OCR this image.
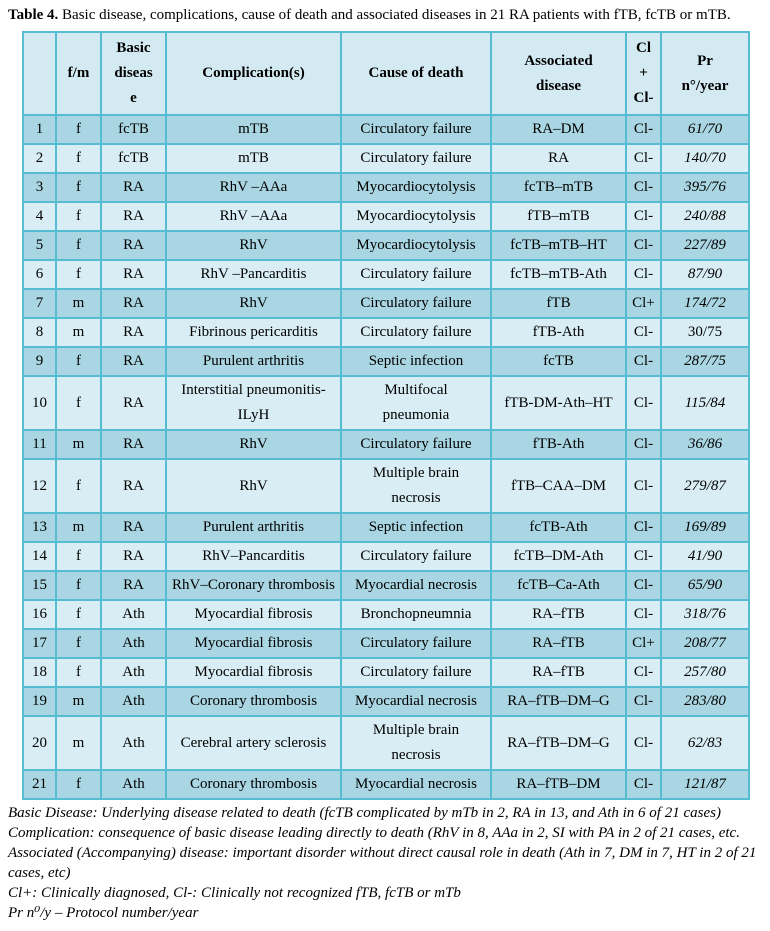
Table 4. Basic disease, complications, cause of death and associated diseases in 21 RA patients with fTB, fcTB or mTB.

	f/m	Basic
diseas
e	Complication(s)	Cause of death	Associated
disease	Cl
+
Cl-	Pr
n°/year
1	f	fcTB	mTB	Circulatory failure	RA–DM	Cl-	61/70
2	f	fcTB	mTB	Circulatory failure	RA	Cl-	140/70
3	f	RA	RhV –AAa	Myocardiocytolysis	fcTB–mTB	Cl-	395/76
4	f	RA	RhV –AAa	Myocardiocytolysis	fTB–mTB	Cl-	240/88
5	f	RA	RhV	Myocardiocytolysis	fcTB–mTB–HT	Cl-	227/89
6	f	RA	RhV –Pancarditis	Circulatory failure	fcTB–mTB-Ath	Cl-	87/90
7	m	RA	RhV	Circulatory failure	fTB	Cl+	174/72
8	m	RA	Fibrinous pericarditis	Circulatory failure	fTB-Ath	Cl-	30/75
9	f	RA	Purulent arthritis	Septic infection	fcTB	Cl-	287/75
10	f	RA	Interstitial pneumonitis-
ILyH	Multifocal
pneumonia	fTB-DM-Ath–HT	Cl-	115/84
11	m	RA	RhV	Circulatory failure	fTB-Ath	Cl-	36/86
12	f	RA	RhV	Multiple brain
necrosis	fTB–CAA–DM	Cl-	279/87
13	m	RA	Purulent arthritis	Septic infection	fcTB-Ath	Cl-	169/89
14	f	RA	RhV–Pancarditis	Circulatory failure	fcTB–DM-Ath	Cl-	41/90
15	f	RA	RhV–Coronary thrombosis	Myocardial necrosis	fcTB–Ca-Ath	Cl-	65/90
16	f	Ath	Myocardial fibrosis	Bronchopneumnia	RA–fTB	Cl-	318/76
17	f	Ath	Myocardial fibrosis	Circulatory failure	RA–fTB	Cl+	208/77
18	f	Ath	Myocardial fibrosis	Circulatory failure	RA–fTB	Cl-	257/80
19	m	Ath	Coronary thrombosis	Myocardial necrosis	RA–fTB–DM–G	Cl-	283/80
20	m	Ath	Cerebral artery sclerosis	Multiple brain
necrosis	RA–fTB–DM–G	Cl-	62/83
21	f	Ath	Coronary thrombosis	Myocardial necrosis	RA–fTB–DM	Cl-	121/87

Basic Disease: Underlying disease related to death (fcTB complicated by mTb in 2, RA in 13, and Ath in 6 of 21 cases)

Complication: consequence of basic disease leading directly to death (RhV in 8, AAa in 2, SI with PA in 2 of 21 cases, etc.

Associated (Accompanying) disease: important disorder without direct causal role in death (Ath in 7, DM in 7, HT in 2 of 21 cases, etc)

Cl+: Clinically diagnosed, Cl-: Clinically not recognized fTB, fcTB or mTb

Pr n⁰/y – Protocol number/year
